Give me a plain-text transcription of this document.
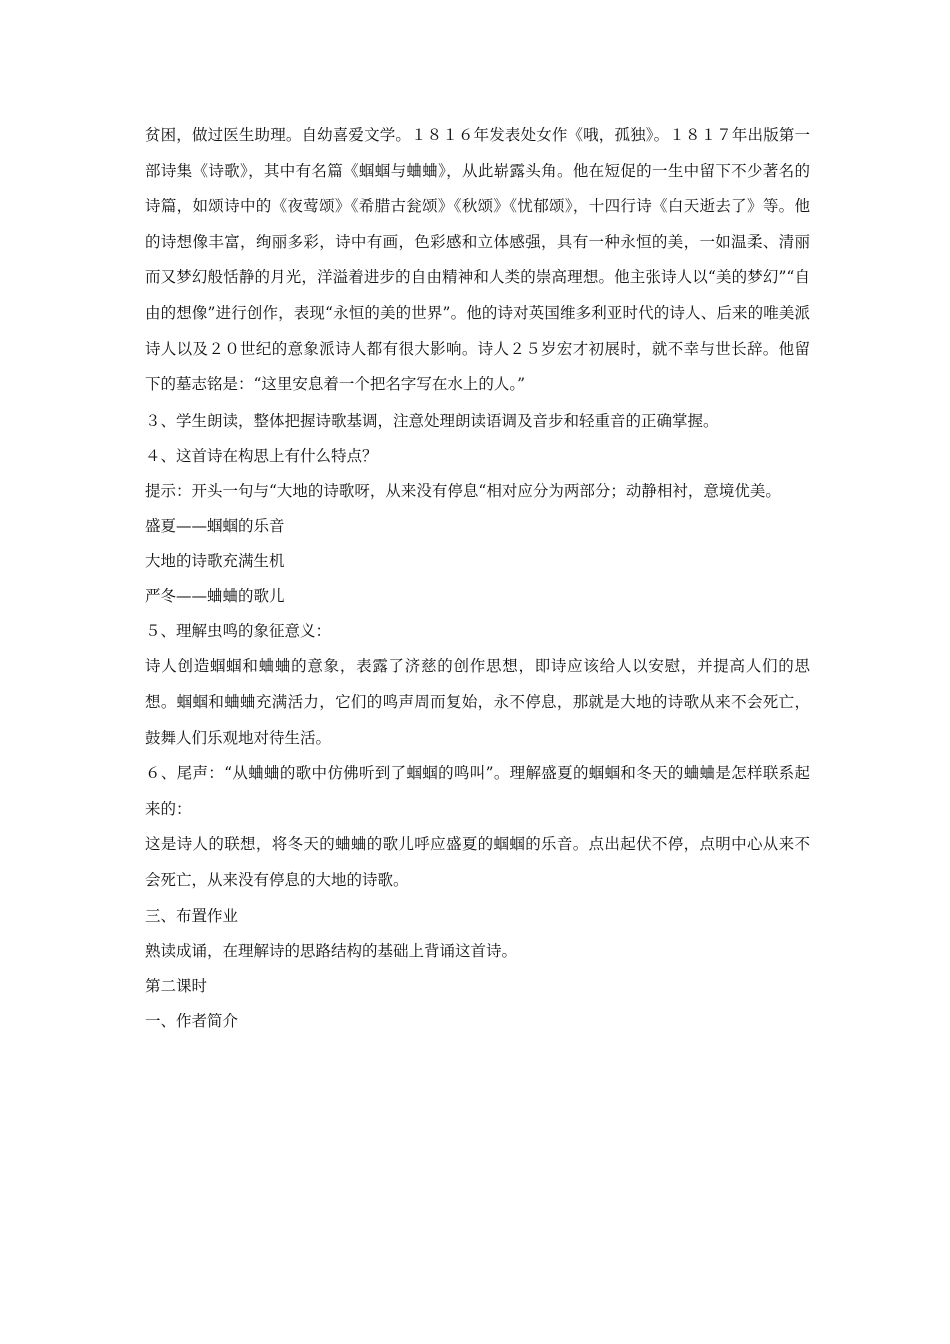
贫困，做过医生助理。自幼喜爱文学。１８１６年发表处女作《哦，孤独》。１８１７年出版第一部诗集《诗歌》，其中有名篇《蝈蝈与蛐蛐》，从此崭露头角。他在短促的一生中留下不少著名的诗篇，如颂诗中的《夜莺颂》《希腊古瓮颂》《秋颂》《忧郁颂》，十四行诗《白天逝去了》等。他的诗想像丰富，绚丽多彩，诗中有画，色彩感和立体感强，具有一种永恒的美，一如温柔、清丽而又梦幻般恬静的月光，洋溢着进步的自由精神和人类的崇高理想。他主张诗人以“美的梦幻”“自由的想像”进行创作，表现“永恒的美的世界”。他的诗对英国维多利亚时代的诗人、后来的唯美派诗人以及２０世纪的意象派诗人都有很大影响。诗人２５岁宏才初展时，就不幸与世长辞。他留下的墓志铭是：“这里安息着一个把名字写在水上的人。”

３、学生朗读，整体把握诗歌基调，注意处理朗读语调及音步和轻重音的正确掌握。

４、这首诗在构思上有什么特点？

提示：开头一句与“大地的诗歌呀，从来没有停息“相对应分为两部分；动静相衬，意境优美。

盛夏——蝈蝈的乐音

大地的诗歌充满生机

严冬——蛐蛐的歌儿

５、理解虫鸣的象征意义：

诗人创造蝈蝈和蛐蛐的意象，表露了济慈的创作思想，即诗应该给人以安慰，并提高人们的思想。蝈蝈和蛐蛐充满活力，它们的鸣声周而复始，永不停息，那就是大地的诗歌从来不会死亡，鼓舞人们乐观地对待生活。

６、尾声：“从蛐蛐的歌中仿佛听到了蝈蝈的鸣叫”。理解盛夏的蝈蝈和冬天的蛐蛐是怎样联系起来的：

这是诗人的联想，将冬天的蛐蛐的歌儿呼应盛夏的蝈蝈的乐音。点出起伏不停，点明中心从来不会死亡，从来没有停息的大地的诗歌。

三、布置作业

熟读成诵，在理解诗的思路结构的基础上背诵这首诗。

第二课时

一、作者简介
